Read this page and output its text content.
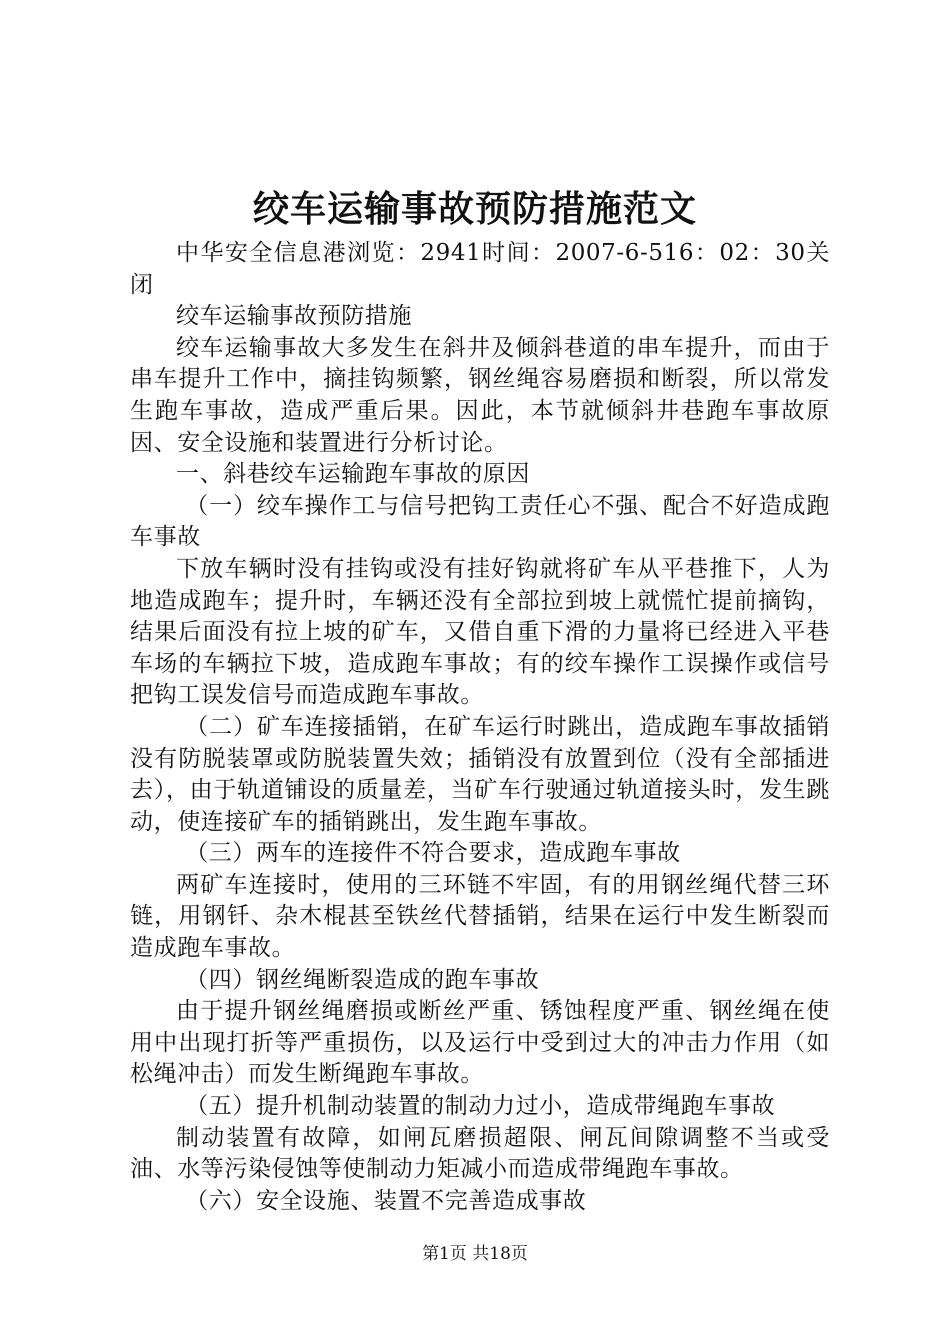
绞车运输事故预防措施范文

中华安全信息港浏览：2941时间：2007-6-516：02：30关闭

绞车运输事故预防措施

绞车运输事故大多发生在斜井及倾斜巷道的串车提升，而由于串车提升工作中，摘挂钩频繁，钢丝绳容易磨损和断裂，所以常发生跑车事故，造成严重后果。因此，本节就倾斜井巷跑车事故原因、安全设施和装置进行分析讨论。

一、斜巷绞车运输跑车事故的原因

（一）绞车操作工与信号把钩工责任心不强、配合不好造成跑车事故

下放车辆时没有挂钩或没有挂好钩就将矿车从平巷推下，人为地造成跑车；提升时，车辆还没有全部拉到坡上就慌忙提前摘钩，结果后面没有拉上坡的矿车，又借自重下滑的力量将已经进入平巷车场的车辆拉下坡，造成跑车事故；有的绞车操作工误操作或信号把钩工误发信号而造成跑车事故。

（二）矿车连接插销，在矿车运行时跳出，造成跑车事故插销没有防脱装罩或防脱装置失效；插销没有放置到位（没有全部插进去），由于轨道铺设的质量差，当矿车行驶通过轨道接头时，发生跳动，使连接矿车的插销跳出，发生跑车事故。

（三）两车的连接件不符合要求，造成跑车事故

两矿车连接时，使用的三环链不牢固，有的用钢丝绳代替三环链，用钢钎、杂木棍甚至铁丝代替插销，结果在运行中发生断裂而造成跑车事故。

（四）钢丝绳断裂造成的跑车事故

由于提升钢丝绳磨损或断丝严重、锈蚀程度严重、钢丝绳在使用中出现打折等严重损伤，以及运行中受到过大的冲击力作用（如松绳冲击）而发生断绳跑车事故。

（五）提升机制动装置的制动力过小，造成带绳跑车事故

制动装置有故障，如闸瓦磨损超限、闸瓦间隙调整不当或受油、水等污染侵蚀等使制动力矩减小而造成带绳跑车事故。

（六）安全设施、装置不完善造成事故

第1页 共18页
